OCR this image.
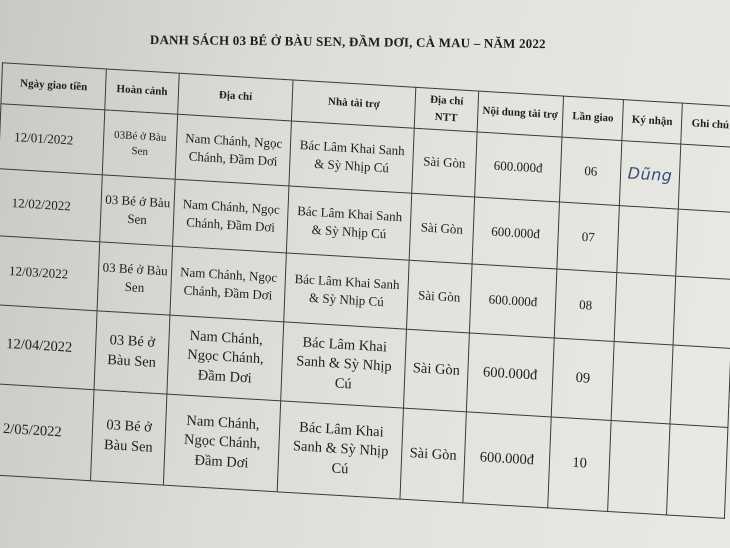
DANH SÁCH 03 BÉ Ở BÀU SEN, ĐẦM DƠI, CÀ MAU – NĂM 2022
Ngày giao tiền	Hoàn cảnh	Địa chỉ	Nhà tài trợ	Địa chỉ NTT	Nội dung tài trợ	Lần giao	Ký nhận	Ghi chú
12/01/2022	03Bé ở Bàu Sen	Nam Chánh, Ngọc Chánh, Đầm Dơi	Bác Lâm Khai Sanh & Sỳ Nhịp Cú	Sài Gòn	600.000đ	06	Dũng	
12/02/2022	03 Bé ở Bàu Sen	Nam Chánh, Ngọc Chánh, Đầm Dơi	Bác Lâm Khai Sanh & Sỳ Nhịp Cú	Sài Gòn	600.000đ	07		
12/03/2022	03 Bé ở Bàu Sen	Nam Chánh, Ngọc Chánh, Đầm Dơi	Bác Lâm Khai Sanh & Sỳ Nhịp Cú	Sài Gòn	600.000đ	08		
12/04/2022	03 Bé ở Bàu Sen	Nam Chánh, Ngọc Chánh, Đầm Dơi	Bác Lâm Khai Sanh & Sỳ Nhịp Cú	Sài Gòn	600.000đ	09		
2/05/2022	03 Bé ở Bàu Sen	Nam Chánh, Ngọc Chánh, Đầm Dơi	Bác Lâm Khai Sanh & Sỳ Nhịp Cú	Sài Gòn	600.000đ	10		
